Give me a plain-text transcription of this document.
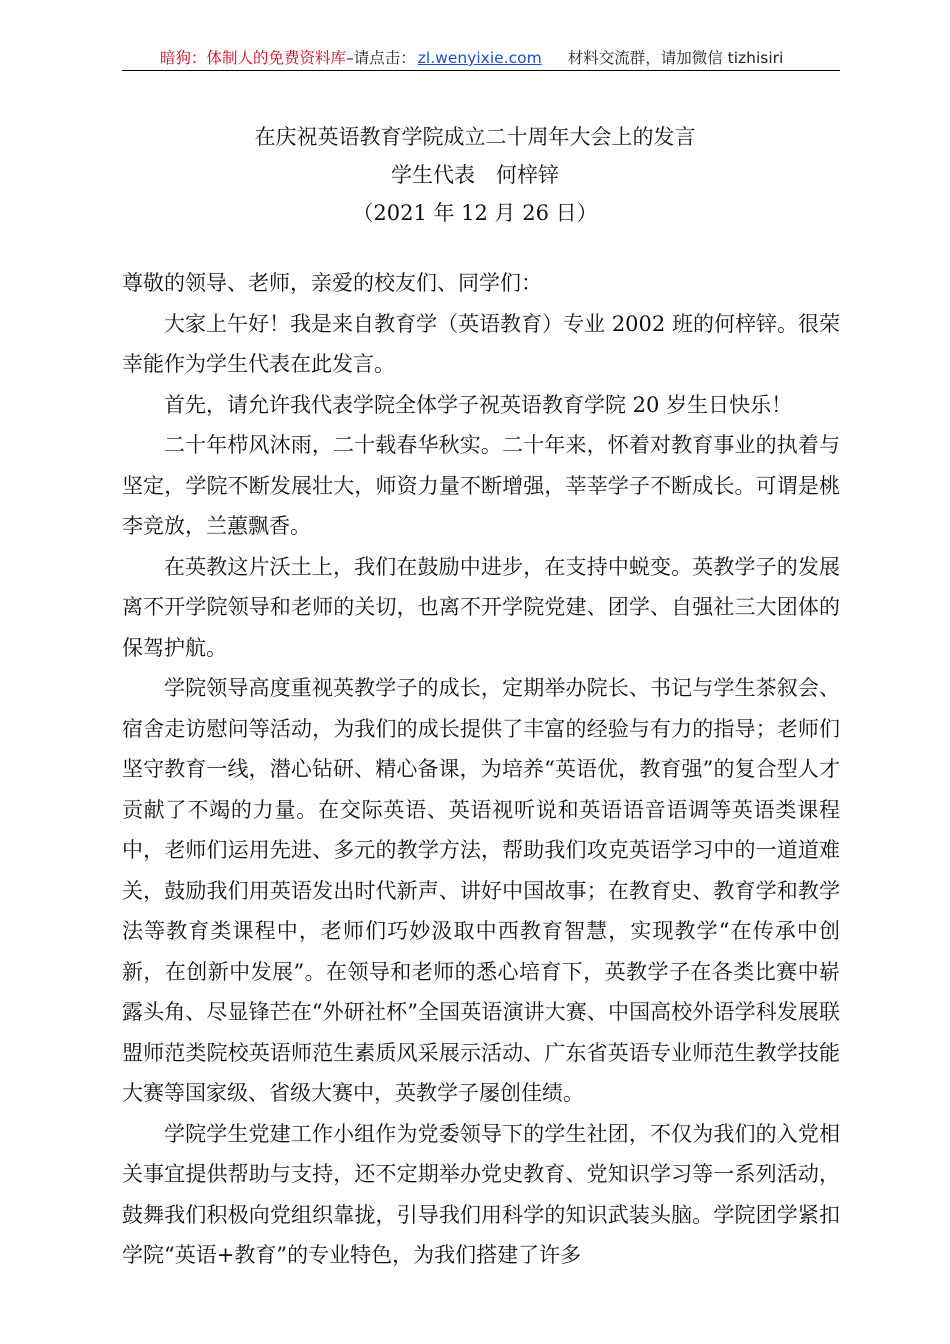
暗狗：体制人的免费资料库–请点击： zl.wenyixie.com 材料交流群，请加微信 tizhisiri
在庆祝英语教育学院成立二十周年大会上的发言
学生代表　何梓锌
（2021 年 12 月 26 日）

尊敬的领导、老师，亲爱的校友们、同学们：

大家上午好！我是来自教育学（英语教育）专业 2002 班的何梓锌。很荣幸能作为学生代表在此发言。

首先，请允许我代表学院全体学子祝英语教育学院 20 岁生日快乐！

二十年栉风沐雨，二十载春华秋实。二十年来，怀着对教育事业的执着与坚定，学院不断发展壮大，师资力量不断增强，莘莘学子不断成长。可谓是桃李竞放，兰蕙飘香。

在英教这片沃土上，我们在鼓励中进步，在支持中蜕变。英教学子的发展离不开学院领导和老师的关切，也离不开学院党建、团学、自强社三大团体的保驾护航。

学院领导高度重视英教学子的成长，定期举办院长、书记与学生茶叙会、宿舍走访慰问等活动，为我们的成长提供了丰富的经验与有力的指导；老师们坚守教育一线，潜心钻研、精心备课，为培养“英语优，教育强”的复合型人才贡献了不竭的力量。在交际英语、英语视听说和英语语音语调等英语类课程中，老师们运用先进、多元的教学方法，帮助我们攻克英语学习中的一道道难关，鼓励我们用英语发出时代新声、讲好中国故事；在教育史、教育学和教学法等教育类课程中，老师们巧妙汲取中西教育智慧，实现教学“在传承中创新，在创新中发展”。在领导和老师的悉心培育下，英教学子在各类比赛中崭露头角、尽显锋芒在“外研社杯”全国英语演讲大赛、中国高校外语学科发展联盟师范类院校英语师范生素质风采展示活动、广东省英语专业师范生教学技能大赛等国家级、省级大赛中，英教学子屡创佳绩。

学院学生党建工作小组作为党委领导下的学生社团，不仅为我们的入党相关事宜提供帮助与支持，还不定期举办党史教育、党知识学习等一系列活动，鼓舞我们积极向党组织靠拢，引导我们用科学的知识武装头脑。学院团学紧扣学院“英语+教育”的专业特色，为我们搭建了许多
